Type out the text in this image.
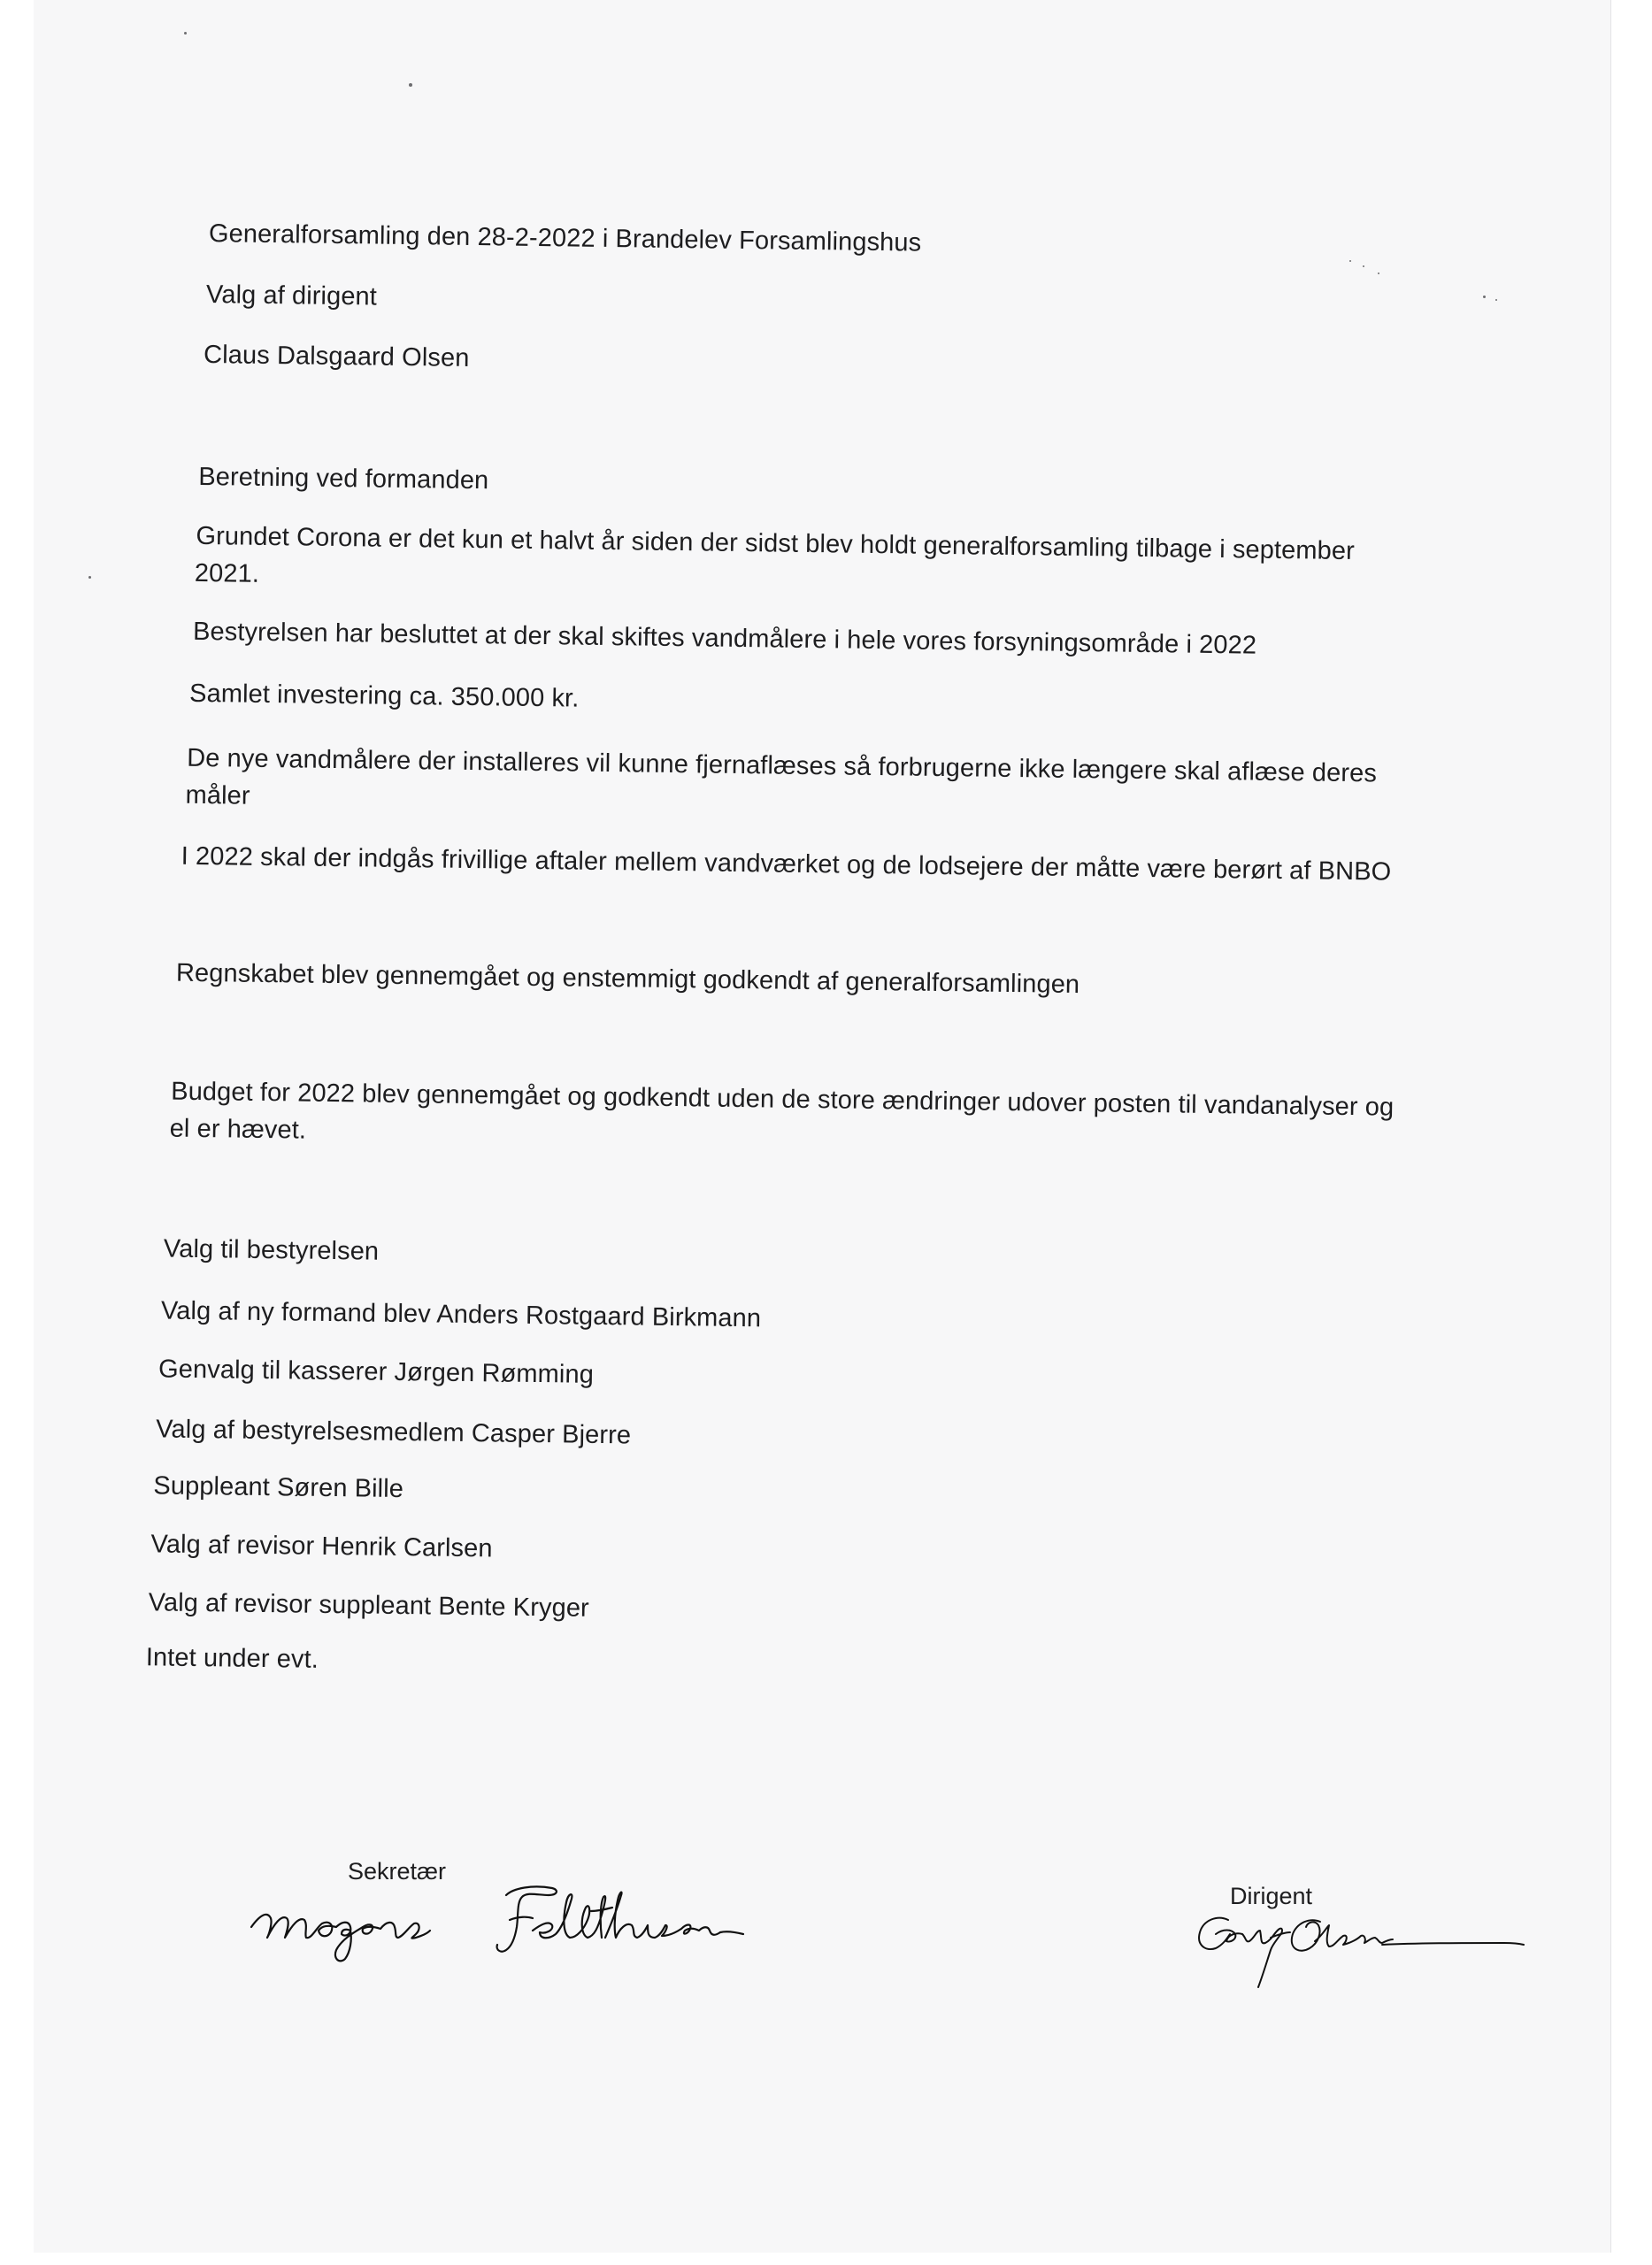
Generalforsamling den 28-2-2022 i Brandelev Forsamlingshus
Valg af dirigent
Claus Dalsgaard Olsen
Beretning ved formanden
Grundet Corona er det kun et halvt år siden der sidst blev holdt generalforsamling tilbage i september
2021.
Bestyrelsen har besluttet at der skal skiftes vandmålere i hele vores forsyningsområde i 2022
Samlet investering ca. 350.000 kr.
De nye vandmålere der installeres vil kunne fjernaflæses så forbrugerne ikke længere skal aflæse deres
måler
I 2022 skal der indgås frivillige aftaler mellem vandværket og de lodsejere der måtte være berørt af BNBO
Regnskabet blev gennemgået og enstemmigt godkendt af generalforsamlingen
Budget for 2022 blev gennemgået og godkendt uden de store ændringer udover posten til vandanalyser og
el er hævet.
Valg til bestyrelsen
Valg af ny formand blev Anders Rostgaard Birkmann
Genvalg til kasserer Jørgen Rømming
Valg af bestyrelsesmedlem Casper Bjerre
Suppleant Søren Bille
Valg af revisor Henrik Carlsen
Valg af revisor suppleant Bente Kryger
Intet under evt.
Sekretær
Dirigent
